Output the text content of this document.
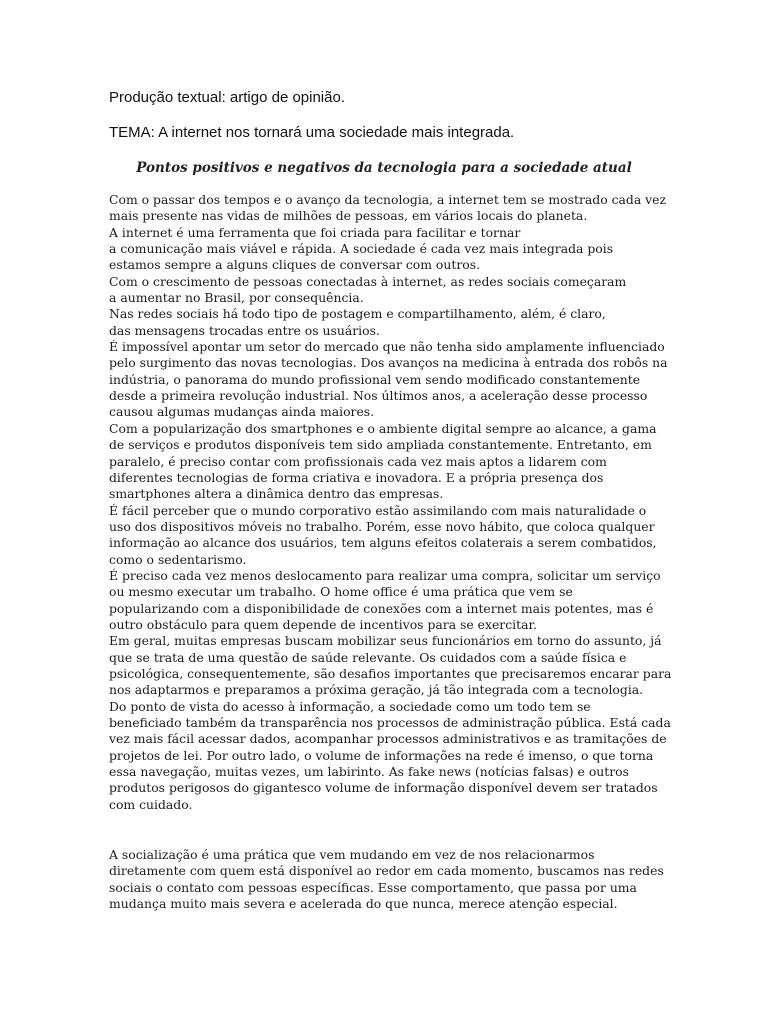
Produção textual: artigo de opinião.
TEMA: A internet nos tornará uma sociedade mais integrada.
Pontos positivos e negativos da tecnologia para a sociedade atual
Com o passar dos tempos e o avanço da tecnologia, a internet tem se mostrado cada vez
mais presente nas vidas de milhões de pessoas, em vários locais do planeta.
A internet é uma ferramenta que foi criada para facilitar e tornar
a comunicação mais viável e rápida. A sociedade é cada vez mais integrada pois
estamos sempre a alguns cliques de conversar com outros.
Com o crescimento de pessoas conectadas à internet, as redes sociais começaram
a aumentar no Brasil, por consequência.
Nas redes sociais há todo tipo de postagem e compartilhamento, além, é claro,
das mensagens trocadas entre os usuários.
É impossível apontar um setor do mercado que não tenha sido amplamente influenciado
pelo surgimento das novas tecnologias. Dos avanços na medicina à entrada dos robôs na
indústria, o panorama do mundo profissional vem sendo modificado constantemente
desde a primeira revolução industrial. Nos últimos anos, a aceleração desse processo
causou algumas mudanças ainda maiores.
Com a popularização dos smartphones e o ambiente digital sempre ao alcance, a gama
de serviços e produtos disponíveis tem sido ampliada constantemente. Entretanto, em
paralelo, é preciso contar com profissionais cada vez mais aptos a lidarem com
diferentes tecnologias de forma criativa e inovadora. E a própria presença dos
smartphones altera a dinâmica dentro das empresas.
É fácil perceber que o mundo corporativo estão assimilando com mais naturalidade o
uso dos dispositivos móveis no trabalho. Porém, esse novo hábito, que coloca qualquer
informação ao alcance dos usuários, tem alguns efeitos colaterais a serem combatidos,
como o sedentarismo.
É preciso cada vez menos deslocamento para realizar uma compra, solicitar um serviço
ou mesmo executar um trabalho. O home office é uma prática que vem se
popularizando com a disponibilidade de conexões com a internet mais potentes, mas é
outro obstáculo para quem depende de incentivos para se exercitar.
Em geral, muitas empresas buscam mobilizar seus funcionários em torno do assunto, já
que se trata de uma questão de saúde relevante. Os cuidados com a saúde física e
psicológica, consequentemente, são desafios importantes que precisaremos encarar para
nos adaptarmos e preparamos a próxima geração, já tão integrada com a tecnologia.
Do ponto de vista do acesso à informação, a sociedade como um todo tem se
beneficiado também da transparência nos processos de administração pública. Está cada
vez mais fácil acessar dados, acompanhar processos administrativos e as tramitações de
projetos de lei. Por outro lado, o volume de informações na rede é imenso, o que torna
essa navegação, muitas vezes, um labirinto. As fake news (notícias falsas) e outros
produtos perigosos do gigantesco volume de informação disponível devem ser tratados
com cuidado.
A socialização é uma prática que vem mudando em vez de nos relacionarmos
diretamente com quem está disponível ao redor em cada momento, buscamos nas redes
sociais o contato com pessoas específicas. Esse comportamento, que passa por uma
mudança muito mais severa e acelerada do que nunca, merece atenção especial.
